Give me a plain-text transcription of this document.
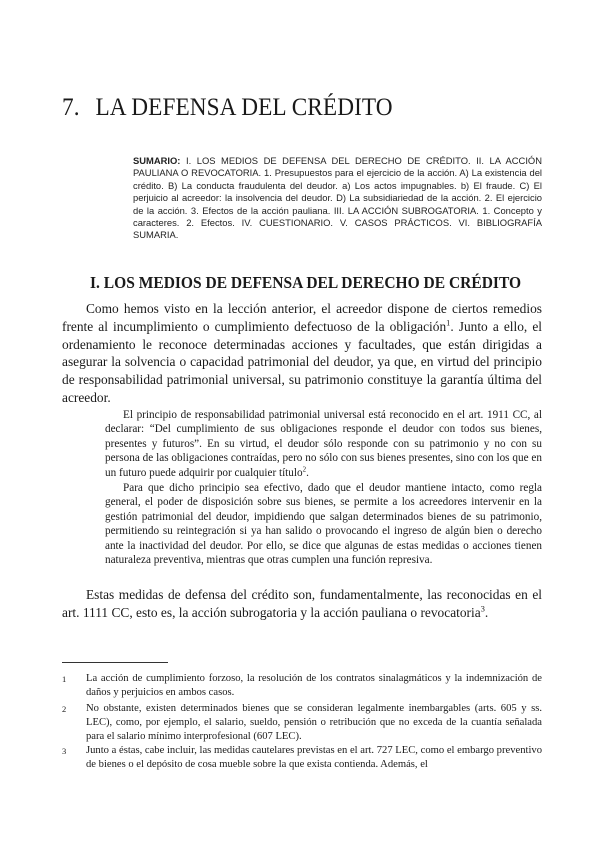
7. LA DEFENSA DEL CRÉDITO

SUMARIO: I. LOS MEDIOS DE DEFENSA DEL DERECHO DE CRÉDITO. II. LA ACCIÓN PAULIANA O REVOCATORIA. 1. Presupuestos para el ejercicio de la acción. A) La existencia del crédito. B) La conducta fraudulenta del deudor. a) Los actos impugnables. b) El fraude. C) El perjuicio al acreedor: la insolvencia del deudor. D) La subsidiariedad de la acción. 2. El ejercicio de la acción. 3. Efectos de la acción pauliana. III. LA ACCIÓN SUBROGATORIA. 1. Concepto y caracteres. 2. Efectos. IV. CUESTIONARIO. V. CASOS PRÁCTICOS. VI. BIBLIOGRAFÍA SUMARIA.

I. LOS MEDIOS DE DEFENSA DEL DERECHO DE CRÉDITO

Como hemos visto en la lección anterior, el acreedor dispone de ciertos remedios frente al incumplimiento o cumplimiento defectuoso de la obligación$^1$. Junto a ello, el ordenamiento le reconoce determinadas acciones y facultades, que están dirigidas a asegurar la solvencia o capacidad patrimonial del deudor, ya que, en virtud del principio de responsabilidad patrimonial universal, su patrimonio constituye la garantía última del acreedor.

El principio de responsabilidad patrimonial universal está reconocido en el art. 1911 CC, al declarar: “Del cumplimiento de sus obligaciones responde el deudor con todos sus bienes, presentes y futuros”. En su virtud, el deudor sólo responde con su patrimonio y no con su persona de las obligaciones contraídas, pero no sólo con sus bienes presentes, sino con los que en un futuro puede adquirir por cualquier título$^2$.

Para que dicho principio sea efectivo, dado que el deudor mantiene intacto, como regla general, el poder de disposición sobre sus bienes, se permite a los acreedores intervenir en la gestión patrimonial del deudor, impidiendo que salgan determinados bienes de su patrimonio, permitiendo su reintegración si ya han salido o provocando el ingreso de algún bien o derecho ante la inactividad del deudor. Por ello, se dice que algunas de estas medidas o acciones tienen naturaleza preventiva, mientras que otras cumplen una función represiva.

Estas medidas de defensa del crédito son, fundamentalmente, las reconocidas en el art. 1111 CC, esto es, la acción subrogatoria y la acción pauliana o revocatoria$^3$.

1 La acción de cumplimiento forzoso, la resolución de los contratos sinalagmáticos y la indemnización de daños y perjuicios en ambos casos.
2 No obstante, existen determinados bienes que se consideran legalmente inembargables (arts. 605 y ss. LEC), como, por ejemplo, el salario, sueldo, pensión o retribución que no exceda de la cuantía señalada para el salario mínimo interprofesional (607 LEC).
3 Junto a éstas, cabe incluir, las medidas cautelares previstas en el art. 727 LEC, como el embargo preventivo de bienes o el depósito de cosa mueble sobre la que exista contienda. Además, el
